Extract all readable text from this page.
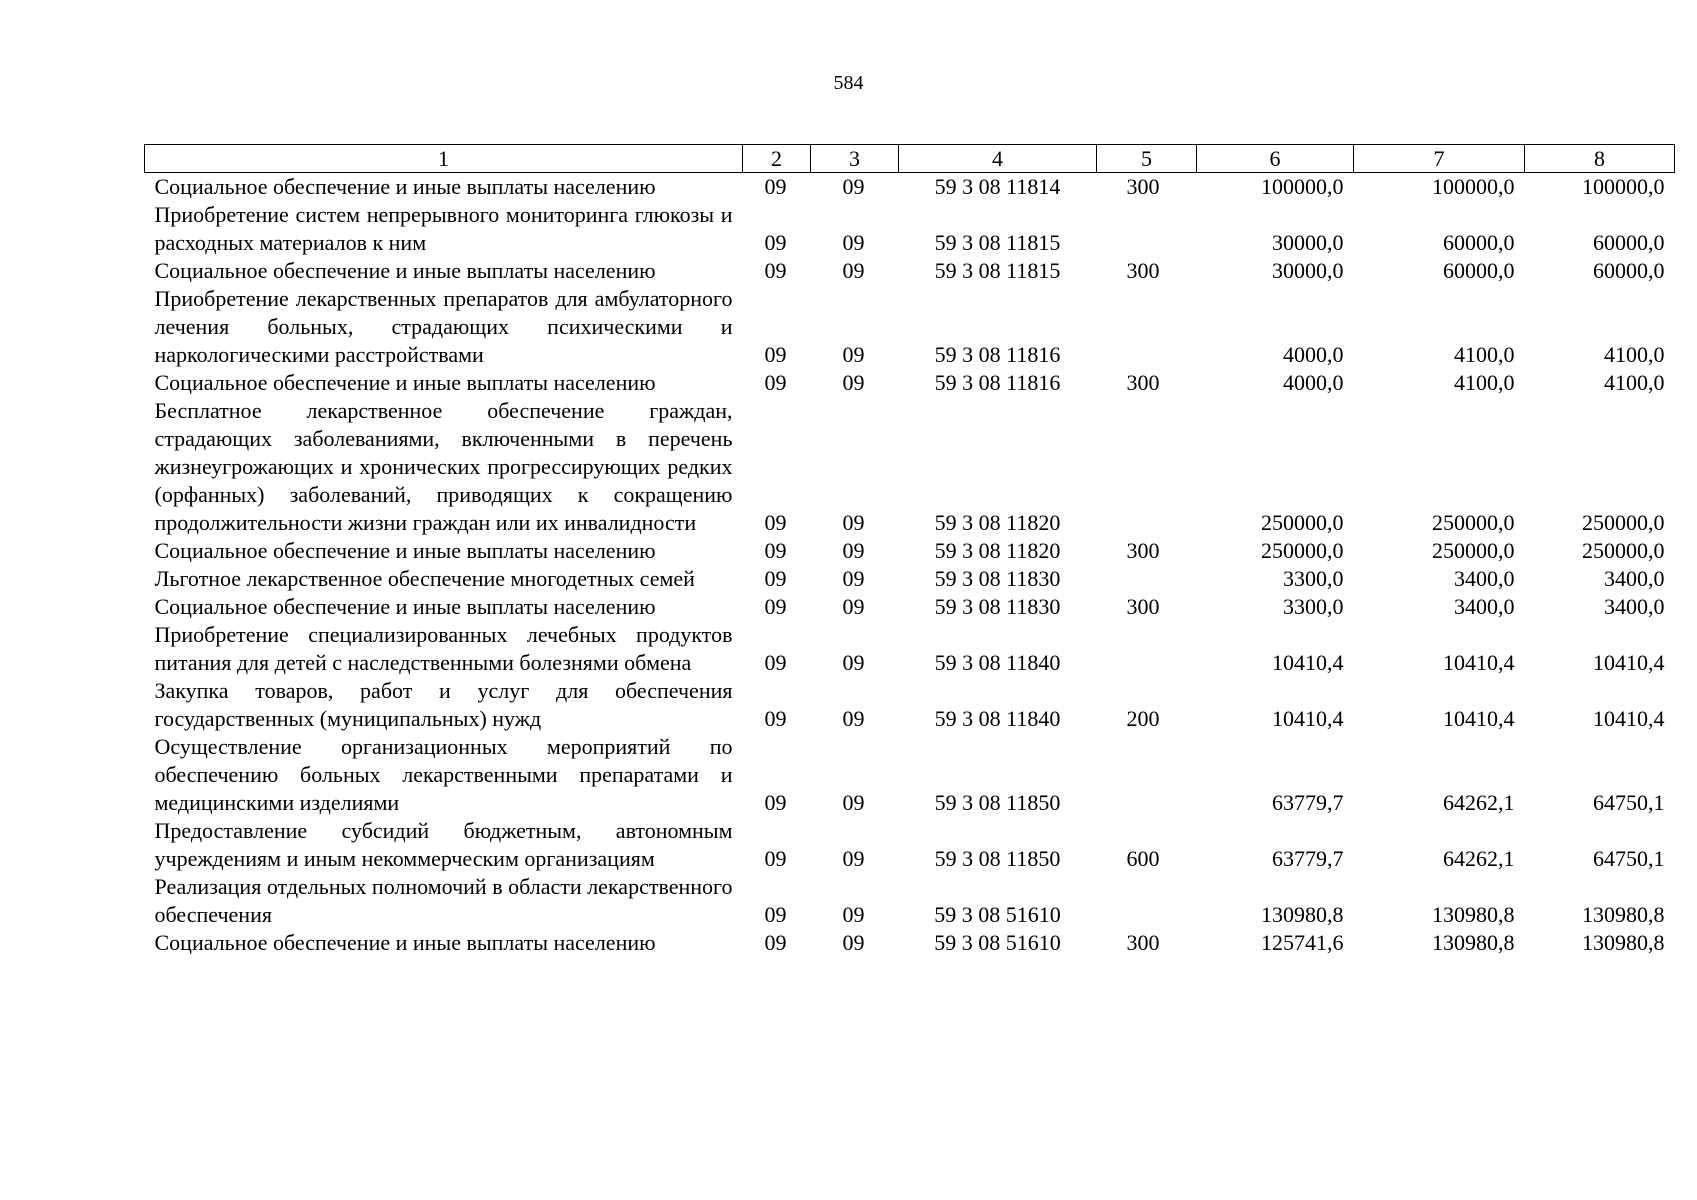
584
1	2	3	4	5	6	7	8
Социальное обеспечение и иные выплаты населению	09	09	59 3 08 11814	300	100000,0	100000,0	100000,0
Приобретение систем непрерывного мониторинга глюкозы и расходных материалов к ним	09	09	59 3 08 11815		30000,0	60000,0	60000,0
Социальное обеспечение и иные выплаты населению	09	09	59 3 08 11815	300	30000,0	60000,0	60000,0
Приобретение лекарственных препаратов для амбулаторного лечения больных, страдающих психическими и наркологическими расстройствами	09	09	59 3 08 11816		4000,0	4100,0	4100,0
Социальное обеспечение и иные выплаты населению	09	09	59 3 08 11816	300	4000,0	4100,0	4100,0
Бесплатное лекарственное обеспечение граждан, страдающих заболеваниями, включенными в перечень жизнеугрожающих и хронических прогрессирующих редких (орфанных) заболеваний, приводящих к сокращению продолжительности жизни граждан или их инвалидности	09	09	59 3 08 11820		250000,0	250000,0	250000,0
Социальное обеспечение и иные выплаты населению	09	09	59 3 08 11820	300	250000,0	250000,0	250000,0
Льготное лекарственное обеспечение многодетных семей	09	09	59 3 08 11830		3300,0	3400,0	3400,0
Социальное обеспечение и иные выплаты населению	09	09	59 3 08 11830	300	3300,0	3400,0	3400,0
Приобретение специализированных лечебных продуктов питания для детей с наследственными болезнями обмена	09	09	59 3 08 11840		10410,4	10410,4	10410,4
Закупка товаров, работ и услуг для обеспечения государственных (муниципальных) нужд	09	09	59 3 08 11840	200	10410,4	10410,4	10410,4
Осуществление организационных мероприятий по обеспечению больных лекарственными препаратами и медицинскими изделиями	09	09	59 3 08 11850		63779,7	64262,1	64750,1
Предоставление субсидий бюджетным, автономным учреждениям и иным некоммерческим организациям	09	09	59 3 08 11850	600	63779,7	64262,1	64750,1
Реализация отдельных полномочий в области лекарственного обеспечения	09	09	59 3 08 51610		130980,8	130980,8	130980,8
Социальное обеспечение и иные выплаты населению	09	09	59 3 08 51610	300	125741,6	130980,8	130980,8
